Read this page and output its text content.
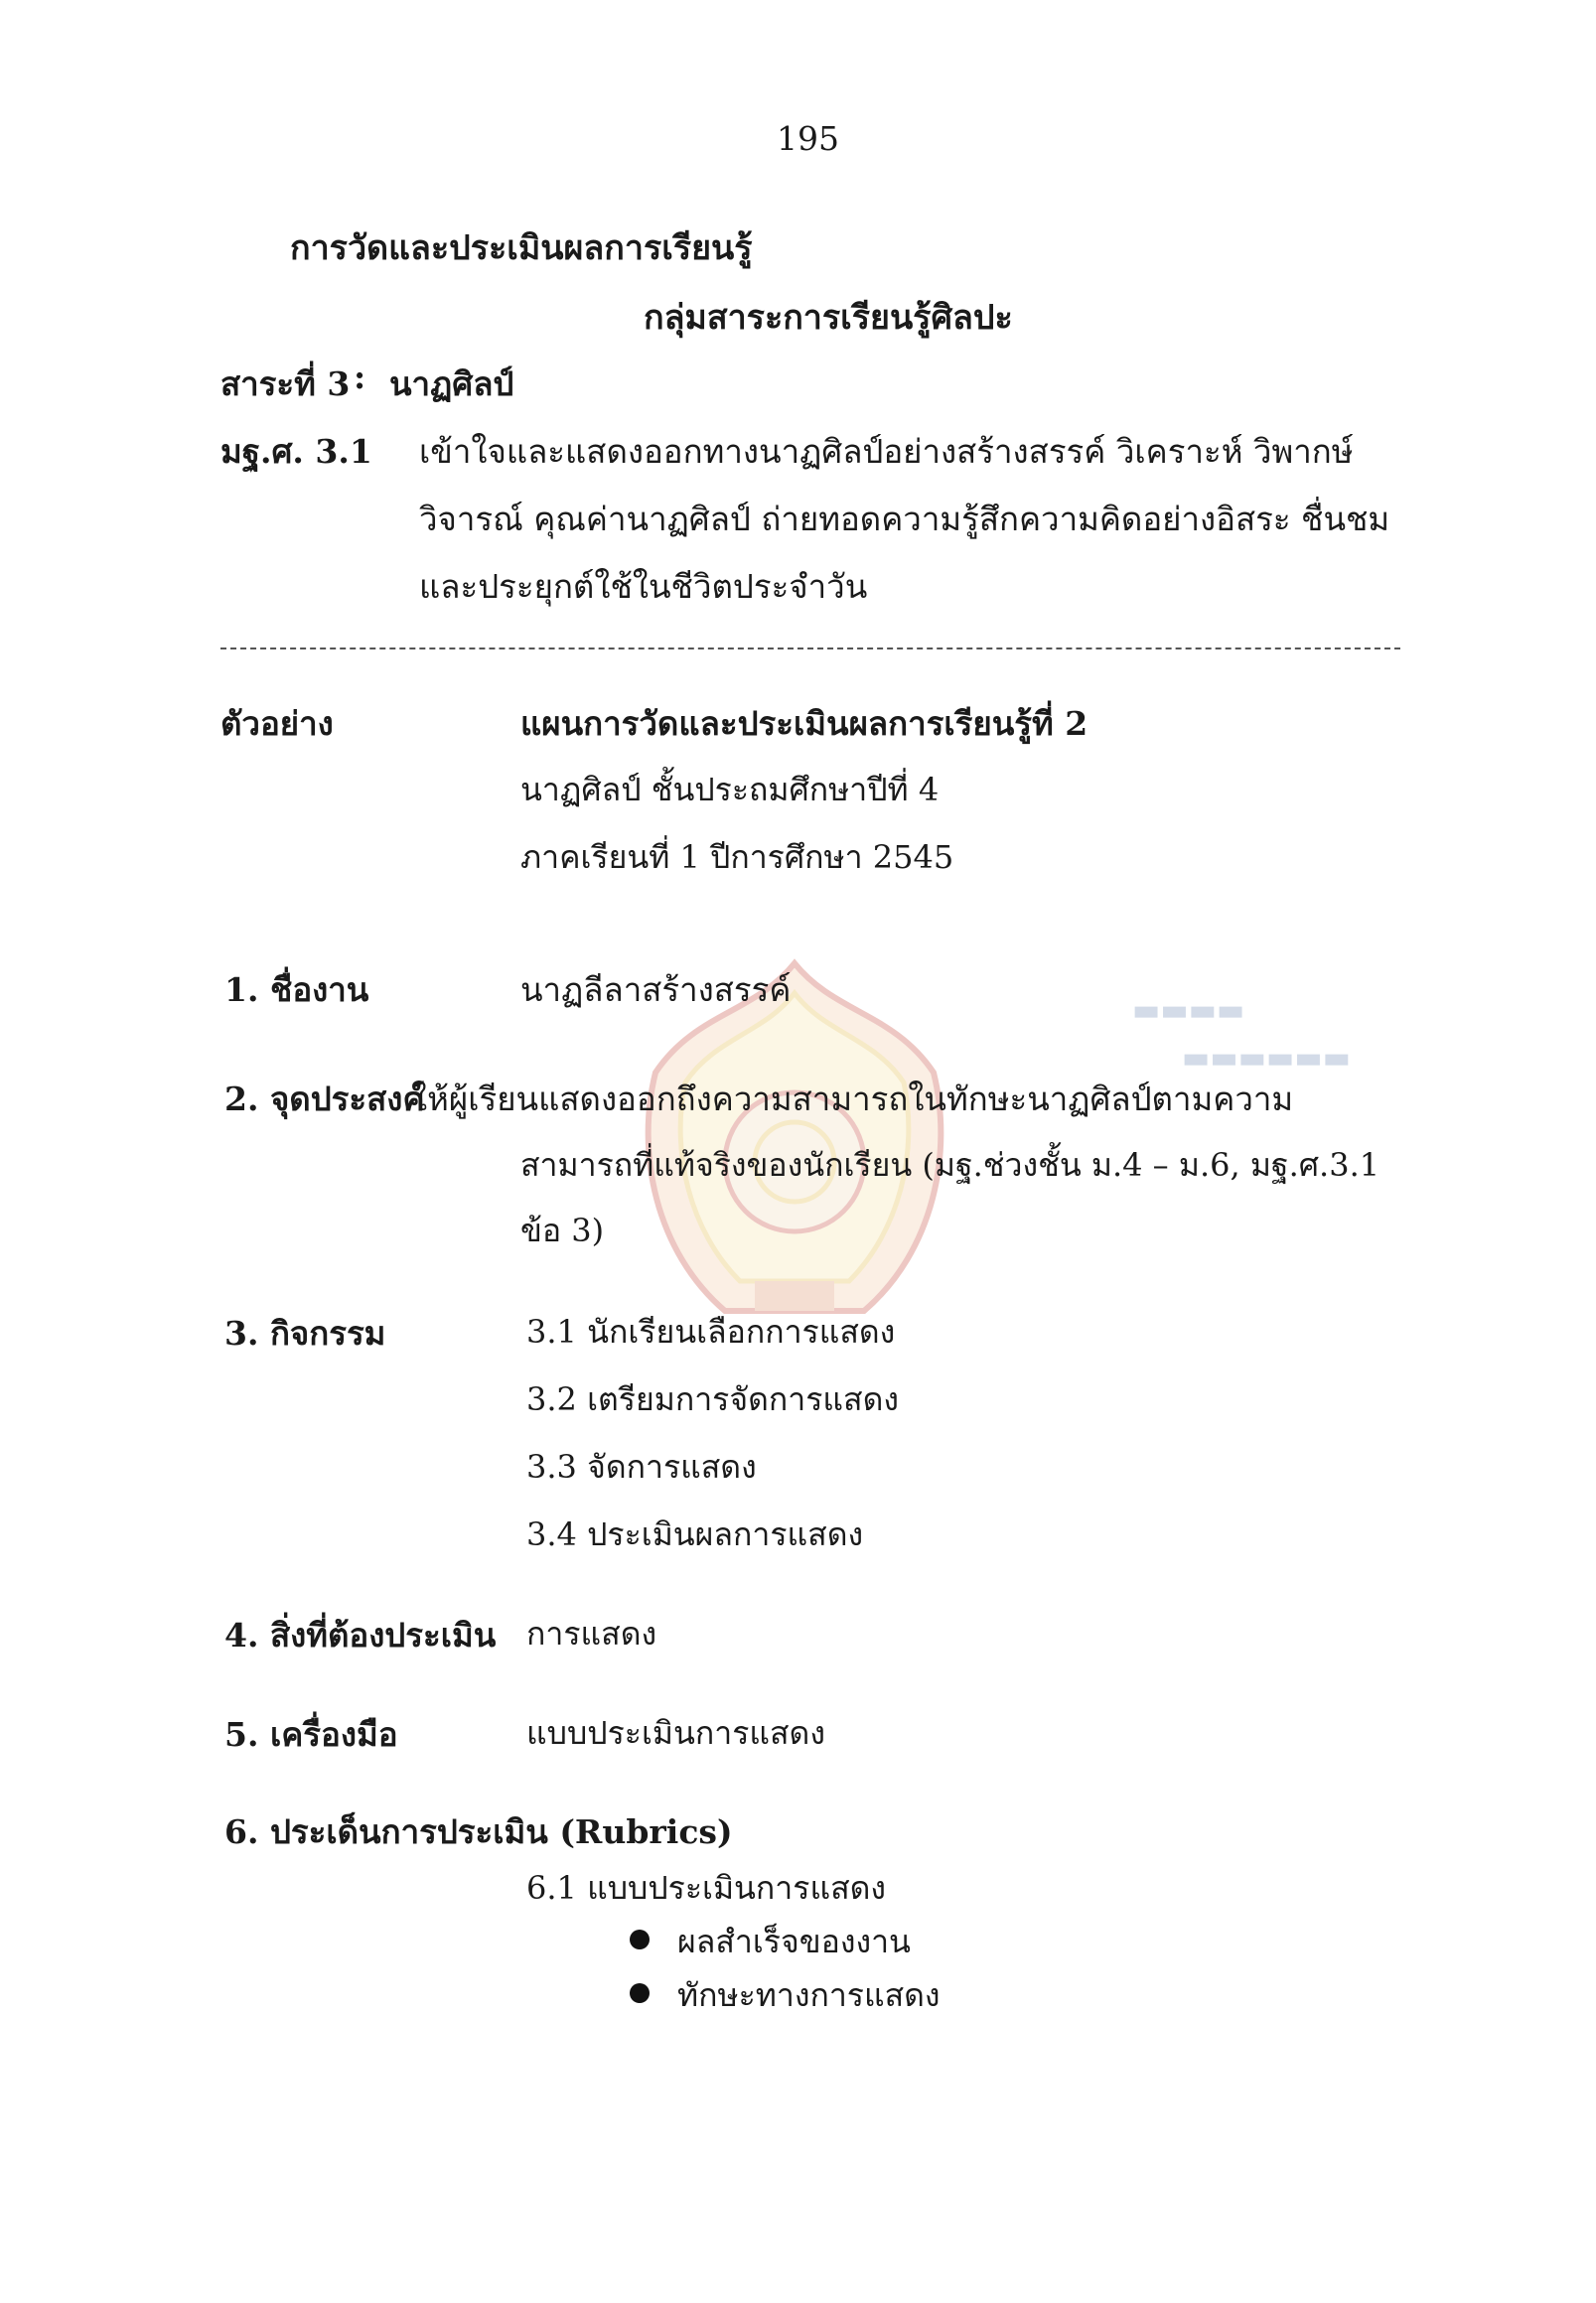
▬▬▬▬
▬▬▬▬▬▬
195
การวัดและประเมินผลการเรียนรู้
กลุ่มสาระการเรียนรู้ศิลปะ
สาระที่ 3 : นาฏศิลป์
มฐ.ศ. 3.1 เข้าใจและแสดงออกทางนาฏศิลป์อย่างสร้างสรรค์ วิเคราะห์ วิพากษ์
วิจารณ์ คุณค่านาฏศิลป์ ถ่ายทอดความรู้สึกความคิดอย่างอิสระ ชื่นชม
และประยุกต์ใช้ในชีวิตประจำวัน
ตัวอย่าง	แผนการวัดและประเมินผลการเรียนรู้ที่ 2
นาฏศิลป์ ชั้นประถมศึกษาปีที่ 4
ภาคเรียนที่ 1 ปีการศึกษา 2545
1. ชื่องาน	นาฏลีลาสร้างสรรค์
2. จุดประสงค์
ให้ผู้เรียนแสดงออกถึงความสามารถในทักษะนาฏศิลป์ตามความ
สามารถที่แท้จริงของนักเรียน (มฐ.ช่วงชั้น ม.4 – ม.6, มฐ.ศ.3.1
ข้อ 3)
3. กิจกรรม	3.1 นักเรียนเลือกการแสดง
3.2 เตรียมการจัดการแสดง
3.3 จัดการแสดง
3.4 ประเมินผลการแสดง
4. สิ่งที่ต้องประเมิน การแสดง
5. เครื่องมือ	แบบประเมินการแสดง
6. ประเด็นการประเมิน (Rubrics)
6.1 แบบประเมินการแสดง
ผลสำเร็จของงาน
ทักษะทางการแสดง
